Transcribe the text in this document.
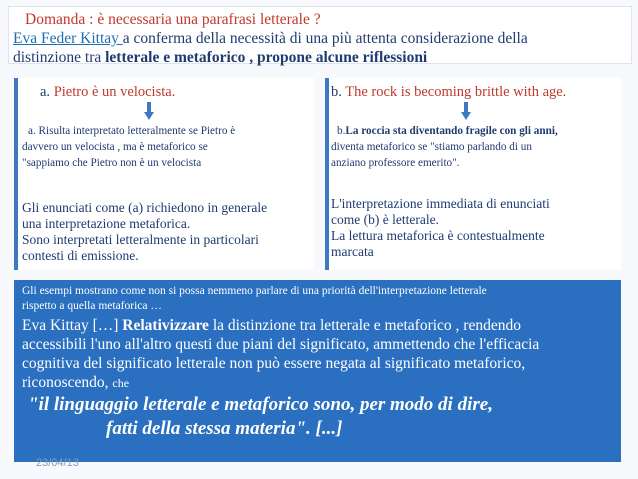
Domanda : è necessaria una parafrasi letterale ?
Eva Feder Kittay a conferma della necessità di una più attenta considerazione della
distinzione tra letterale e metaforico , propone alcune riflessioni
a. Pietro è un velocista.
a. Risulta interpretato letteralmente se Pietro è
davvero un velocista , ma è metaforico se
"sappiamo che Pietro non è un velocista
b. The rock is becoming brittle with age.
b.La roccia sta diventando fragile con gli anni,
diventa metaforico se "stiamo parlando di un
anziano professore emerito".
Gli enunciati come (a) richiedono in generale
una interpretazione metaforica.
Sono interpretati letteralmente in particolari
contesti di emissione.
L'interpretazione immediata di enunciati
come (b) è letterale.
La lettura metaforica è contestualmente
marcata
Gli esempi mostrano come non si possa nemmeno parlare di una priorità dell'interpretazione letterale
rispetto a quella metaforica …
Eva Kittay […] Relativizzare la distinzione tra letterale e metaforico , rendendo
accessibili l'uno all'altro questi due piani del significato, ammettendo che l'efficacia
cognitiva del significato letterale non può essere negata al significato metaforico,
riconoscendo, che
"il linguaggio letterale e metaforico sono, per modo di dire,
fatti della stessa materia". [...]
23/04/13
